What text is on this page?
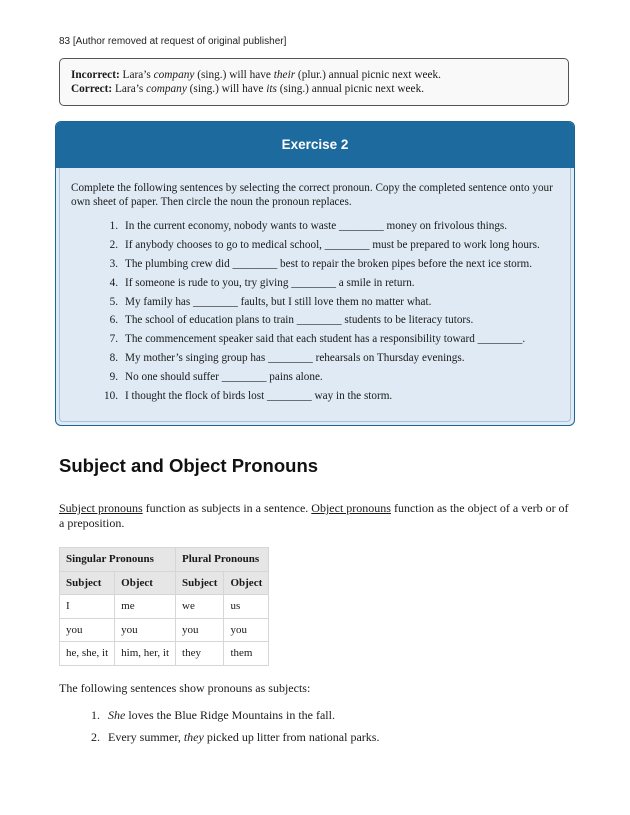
83 [Author removed at request of original publisher]
Incorrect: Lara’s company (sing.) will have their (plur.) annual picnic next week.
Correct: Lara’s company (sing.) will have its (sing.) annual picnic next week.
Exercise 2
Complete the following sentences by selecting the correct pronoun. Copy the completed sentence onto your own sheet of paper. Then circle the noun the pronoun replaces.
1. In the current economy, nobody wants to waste ________ money on frivolous things.
2. If anybody chooses to go to medical school, ________ must be prepared to work long hours.
3. The plumbing crew did ________ best to repair the broken pipes before the next ice storm.
4. If someone is rude to you, try giving ________ a smile in return.
5. My family has ________ faults, but I still love them no matter what.
6. The school of education plans to train ________ students to be literacy tutors.
7. The commencement speaker said that each student has a responsibility toward ________.
8. My mother’s singing group has ________ rehearsals on Thursday evenings.
9. No one should suffer ________ pains alone.
10. I thought the flock of birds lost ________ way in the storm.
Subject and Object Pronouns
Subject pronouns function as subjects in a sentence. Object pronouns function as the object of a verb or of a preposition.
Singular Pronouns		Plural Pronouns	
Subject	Object	Subject	Object
I	me	we	us
you	you	you	you
he, she, it	him, her, it	they	them
The following sentences show pronouns as subjects:
1. She loves the Blue Ridge Mountains in the fall.
2. Every summer, they picked up litter from national parks.
